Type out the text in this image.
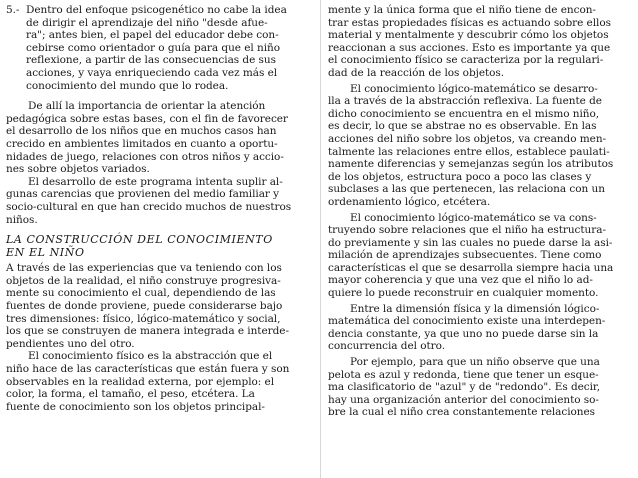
5.- Dentro del enfoque psicogenético no cabe la idea
de dirigir el aprendizaje del niño "desde afue-
ra"; antes bien, el papel del educador debe con-
cebirse como orientador o guía para que el niño
reflexione, a partir de las consecuencias de sus
acciones, y vaya enriqueciendo cada vez más el
conocimiento del mundo que lo rodea.
De allí la importancia de orientar la atención
pedagógica sobre estas bases, con el fin de favorecer
el desarrollo de los niños que en muchos casos han
crecido en ambientes limitados en cuanto a oportu-
nidades de juego, relaciones con otros niños y accio-
nes sobre objetos variados.
El desarrollo de este programa intenta suplir al-
gunas carencias que provienen del medio familiar y
socio-cultural en que han crecido muchos de nuestros
niños.
LA CONSTRUCCIÓN DEL CONOCIMIENTO
EN EL NIÑO
A través de las experiencias que va teniendo con los
objetos de la realidad, el niño construye progresiva-
mente su conocimiento el cual, dependiendo de las
fuentes de donde proviene, puede considerarse bajo
tres dimensiones: físico, lógico-matemático y social,
los que se construyen de manera integrada e interde-
pendientes uno del otro.
El conocimiento físico es la abstracción que el
niño hace de las características que están fuera y son
observables en la realidad externa, por ejemplo: el
color, la forma, el tamaño, el peso, etcétera. La
fuente de conocimiento son los objetos principal-
mente y la única forma que el niño tiene de encon-
trar estas propiedades físicas es actuando sobre ellos
material y mentalmente y descubrir cómo los objetos
reaccionan a sus acciones. Esto es importante ya que
el conocimiento físico se caracteriza por la regulari-
dad de la reacción de los objetos.
El conocimiento lógico-matemático se desarro-
lla a través de la abstracción reflexiva. La fuente de
dicho conocimiento se encuentra en el mismo niño,
es decir, lo que se abstrae no es observable. En las
acciones del niño sobre los objetos, va creando men-
talmente las relaciones entre ellos, establece paulati-
namente diferencias y semejanzas según los atributos
de los objetos, estructura poco a poco las clases y
subclases a las que pertenecen, las relaciona con un
ordenamiento lógico, etcétera.
El conocimiento lógico-matemático se va cons-
truyendo sobre relaciones que el niño ha estructura-
do previamente y sin las cuales no puede darse la asi-
milación de aprendizajes subsecuentes. Tiene como
características el que se desarrolla siempre hacia una
mayor coherencia y que una vez que el niño lo ad-
quiere lo puede reconstruir en cualquier momento.
Entre la dimensión física y la dimensión lógico-
matemática del conocimiento existe una interdepen-
dencia constante, ya que uno no puede darse sin la
concurrencia del otro.
Por ejemplo, para que un niño observe que una
pelota es azul y redonda, tiene que tener un esque-
ma clasificatorio de "azul" y de "redondo". Es decir,
hay una organización anterior del conocimiento so-
bre la cual el niño crea constantemente relaciones
